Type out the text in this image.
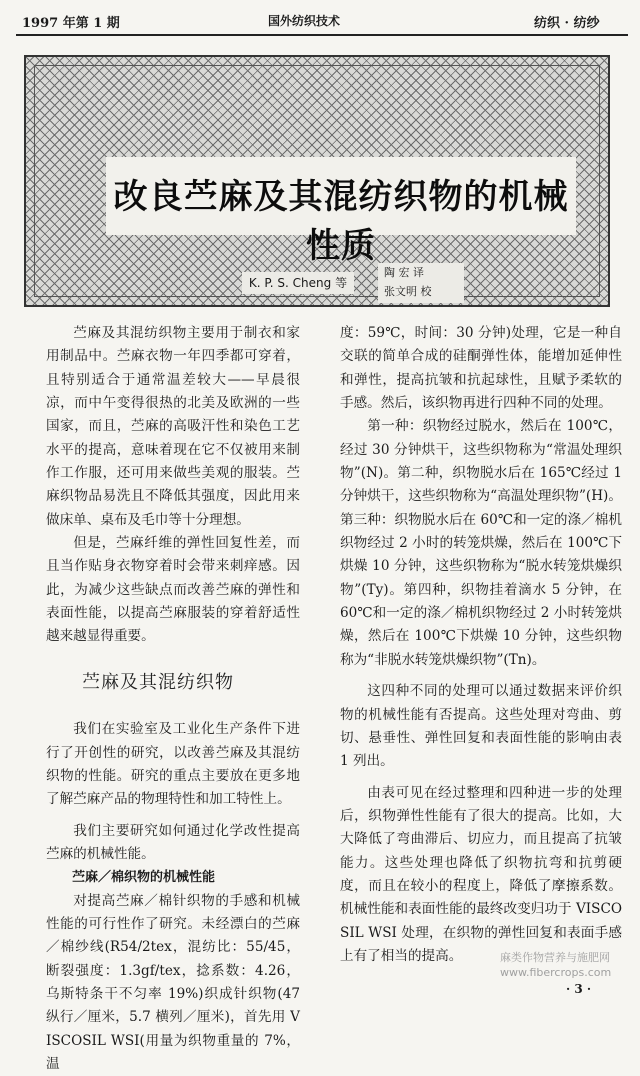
1997 年第 1 期	国外纺织技术	纺织 · 纺纱
改良苎麻及其混纺织物的机械性质
K. P. S. Cheng 等
陶 宏 译
张文明 校

苎麻及其混纺织物主要用于制衣和家用制品中。苎麻衣物一年四季都可穿着，且特别适合于通常温差较大——早晨很凉，而中午变得很热的北美及欧洲的一些国家，而且，苎麻的高吸汗性和染色工艺水平的提高，意味着现在它不仅被用来制作工作服，还可用来做些美观的服装。苎麻织物品易洗且不降低其强度，因此用来做床单、桌布及毛巾等十分理想。

但是，苎麻纤维的弹性回复性差，而且当作贴身衣物穿着时会带来刺痒感。因此，为减少这些缺点而改善苎麻的弹性和表面性能，以提高苎麻服装的穿着舒适性越来越显得重要。

苎麻及其混纺织物

我们在实验室及工业化生产条件下进行了开创性的研究，以改善苎麻及其混纺织物的性能。研究的重点主要放在更多地了解苎麻产品的物理特性和加工特性上。

我们主要研究如何通过化学改性提高苎麻的机械性能。

苎麻／棉织物的机械性能

对提高苎麻／棉针织物的手感和机械性能的可行性作了研究。未经漂白的苎麻／棉纱线(R54/2tex，混纺比：55/45，断裂强度：1.3gf/tex，捻系数：4.26，乌斯特条干不匀率 19%)织成针织物(47 纵行／厘米，5.7 横列／厘米)，首先用 VISCOSIL WSI(用量为织物重量的 7%，温

度：59℃，时间：30 分钟)处理，它是一种自交联的简单合成的硅酮弹性体，能增加延伸性和弹性，提高抗皱和抗起球性，且赋予柔软的手感。然后，该织物再进行四种不同的处理。

第一种：织物经过脱水，然后在 100℃，经过 30 分钟烘干，这些织物称为“常温处理织物”(N)。第二种，织物脱水后在 165℃经过 1 分钟烘干，这些织物称为“高温处理织物”(H)。第三种：织物脱水后在 60℃和一定的涤／棉机织物经过 2 小时的转笼烘燥，然后在 100℃下烘燥 10 分钟，这些织物称为“脱水转笼烘燥织物”(Ty)。第四种，织物挂着滴水 5 分钟，在 60℃和一定的涤／棉机织物经过 2 小时转笼烘燥，然后在 100℃下烘燥 10 分钟，这些织物称为“非脱水转笼烘燥织物”(Tn)。

这四种不同的处理可以通过数据来评价织物的机械性能有否提高。这些处理对弯曲、剪切、悬垂性、弹性回复和表面性能的影响由表 1 列出。

由表可见在经过整理和四种进一步的处理后，织物弹性性能有了很大的提高。比如，大大降低了弯曲滞后、切应力，而且提高了抗皱能力。这些处理也降低了织物抗弯和抗剪硬度，而且在较小的程度上，降低了摩擦系数。机械性能和表面性能的最终改变归功于 VISCOSIL WSI 处理，在织物的弹性回复和表面手感上有了相当的提高。	麻类作物营养与施肥网
www.fibercrops.com
· 3 ·
